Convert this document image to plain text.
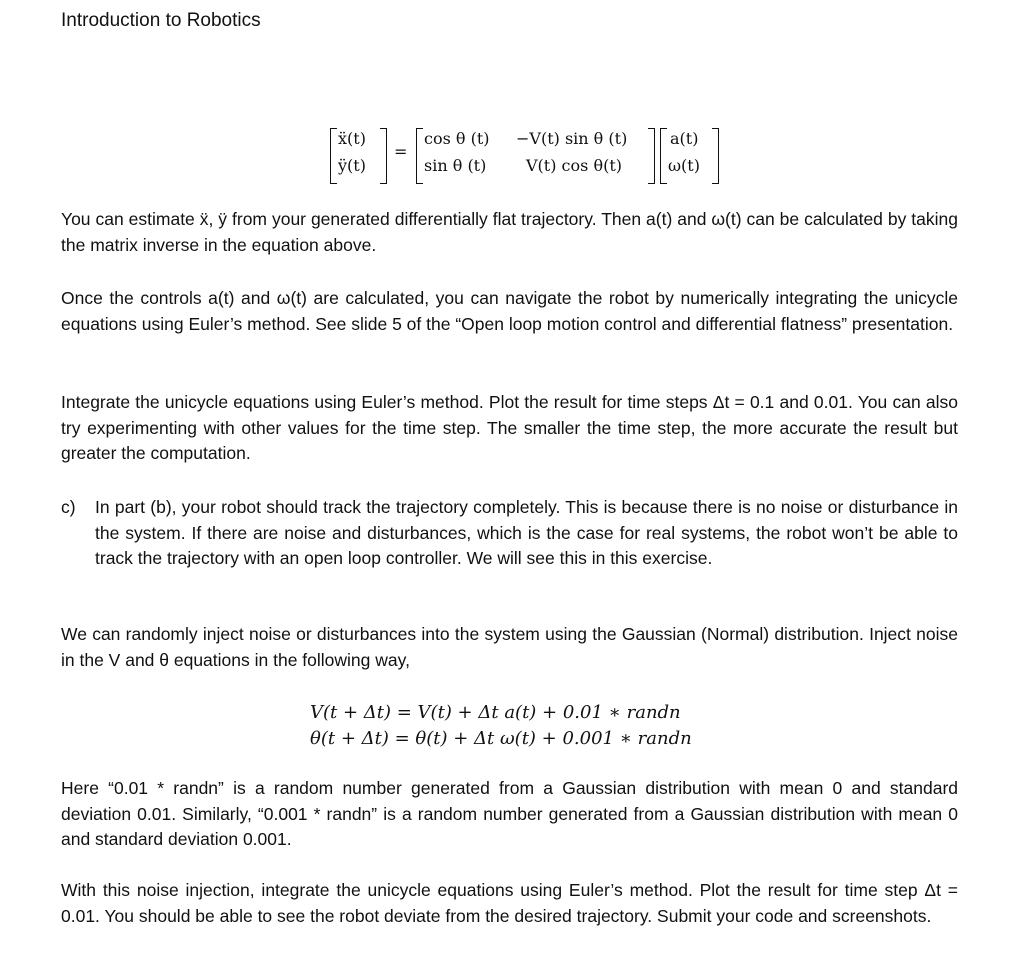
Introduction to Robotics
ẍ(t)
ÿ(t)
=
cos θ (t)
sin θ (t)
−V(t) sin θ (t)
V(t) cos θ(t)
a(t)
ω(t)

You can estimate ẍ, ÿ from your generated differentially flat trajectory. Then a(t) and ω(t) can be calculated by taking the matrix inverse in the equation above.

Once the controls a(t) and ω(t) are calculated, you can navigate the robot by numerically integrating the unicycle equations using Euler’s method. See slide 5 of the “Open loop motion control and differential flatness” presentation.

Integrate the unicycle equations using Euler’s method. Plot the result for time steps Δt = 0.1 and 0.01. You can also try experimenting with other values for the time step. The smaller the time step, the more accurate the result but greater the computation.

c) In part (b), your robot should track the trajectory completely. This is because there is no noise or disturbance in the system. If there are noise and disturbances, which is the case for real systems, the robot won’t be able to track the trajectory with an open loop controller. We will see this in this exercise.

We can randomly inject noise or disturbances into the system using the Gaussian (Normal) distribution. Inject noise in the V and θ equations in the following way,

V(t + Δt) = V(t) + Δt a(t) + 0.01 ∗ randn
θ(t + Δt) = θ(t) + Δt ω(t) + 0.001 ∗ randn

Here “0.01 * randn” is a random number generated from a Gaussian distribution with mean 0 and standard deviation 0.01. Similarly, “0.001 * randn” is a random number generated from a Gaussian distribution with mean 0 and standard deviation 0.001.

With this noise injection, integrate the unicycle equations using Euler’s method. Plot the result for time step Δt = 0.01. You should be able to see the robot deviate from the desired trajectory. Submit your code and screenshots.
